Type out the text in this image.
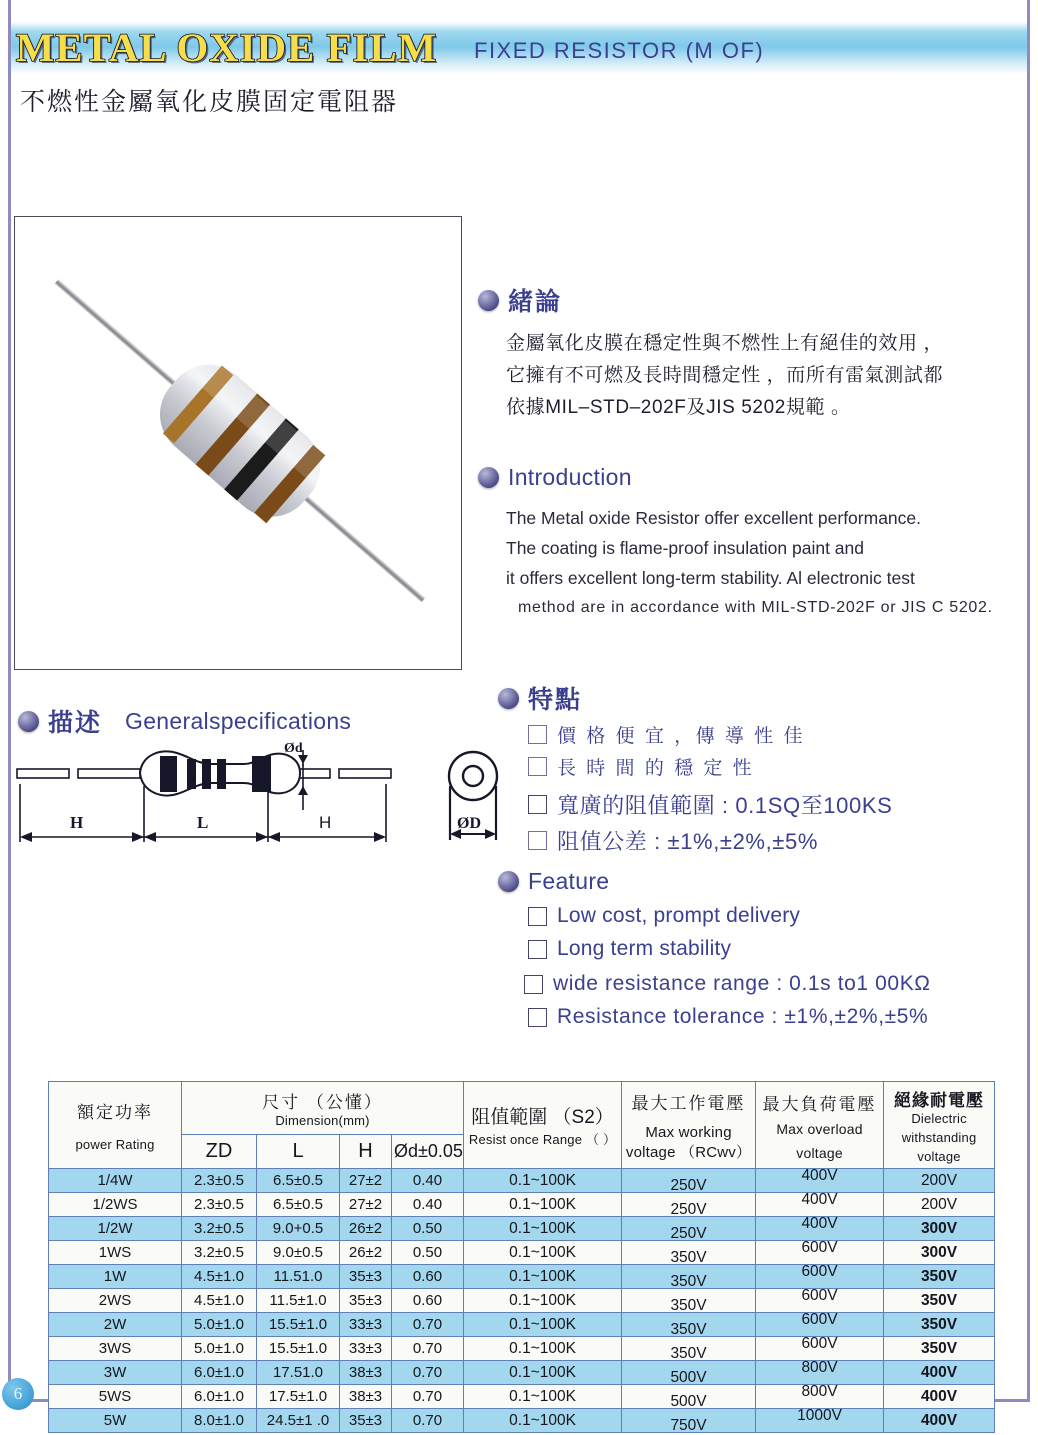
METAL OXIDE FILM FIXED RESISTOR (M OF)
不燃性金屬氧化皮膜固定電阻器
緒論
金屬氧化皮膜在穩定性與不燃性上有絕佳的效用 ，
它擁有不可燃及長時間穩定性 ，而所有雷氣測試都
依據MIL–STD–202F及JIS 5202規範 。
Introduction
The Metal oxide Resistor offer excellent performance.
The coating is flame-proof insulation paint and
it offers excellent long-term stability. Al electronic test
method are in accordance with MIL-STD-202F or JIS C 5202.
特點
價 格 便 宜 ，傳 導 性 佳
長 時 間 的 穩 定 性
寬廣的阻值範圍 : 0.1SQ至100KS
阻值公差 : ±1%,±2%,±5%
Feature
Low cost, prompt delivery
Long term stability
wide resistance range : 0.1s to1 00KΩ
Resistance tolerance : ±1%,±2%,±5%
描述 Generalspecifications
Ød
H	L	H	ØD
額定功率
power Rating	尺寸 （公懂）
Dimension(mm)				阻值範圍 （S2）
Resist once Range （ ）	最大工作電壓
Max working
voltage （RCwv）	最大負荷電壓
Max overload
voltage	絕緣耐電壓
Dielectric
withstanding
voltage

	ZD	L	H	Ød±0.05				

1/4W	2.3±0.5	6.5±0.5	27±2	0.40	0.1~100K	250V	400V	200V
1/2WS	2.3±0.5	6.5±0.5	27±2	0.40	0.1~100K	250V	400V	200V
1/2W	3.2±0.5	9.0+0.5	26±2	0.50	0.1~100K	250V	400V	300V
1WS	3.2±0.5	9.0±0.5	26±2	0.50	0.1~100K	350V	600V	300V
1W	4.5±1.0	11.51.0	35±3	0.60	0.1~100K	350V	600V	350V
2WS	4.5±1.0	11.5±1.0	35±3	0.60	0.1~100K	350V	600V	350V
2W	5.0±1.0	15.5±1.0	33±3	0.70	0.1~100K	350V	600V	350V
3WS	5.0±1.0	15.5±1.0	33±3	0.70	0.1~100K	350V	600V	350V
3W	6.0±1.0	17.51.0	38±3	0.70	0.1~100K	500V	800V	400V
5WS	6.0±1.0	17.5±1.0	38±3	0.70	0.1~100K	500V	800V	400V
5W	8.0±1.0	24.5±1 .0	35±3	0.70	0.1~100K	750V	1000V	400V
6
